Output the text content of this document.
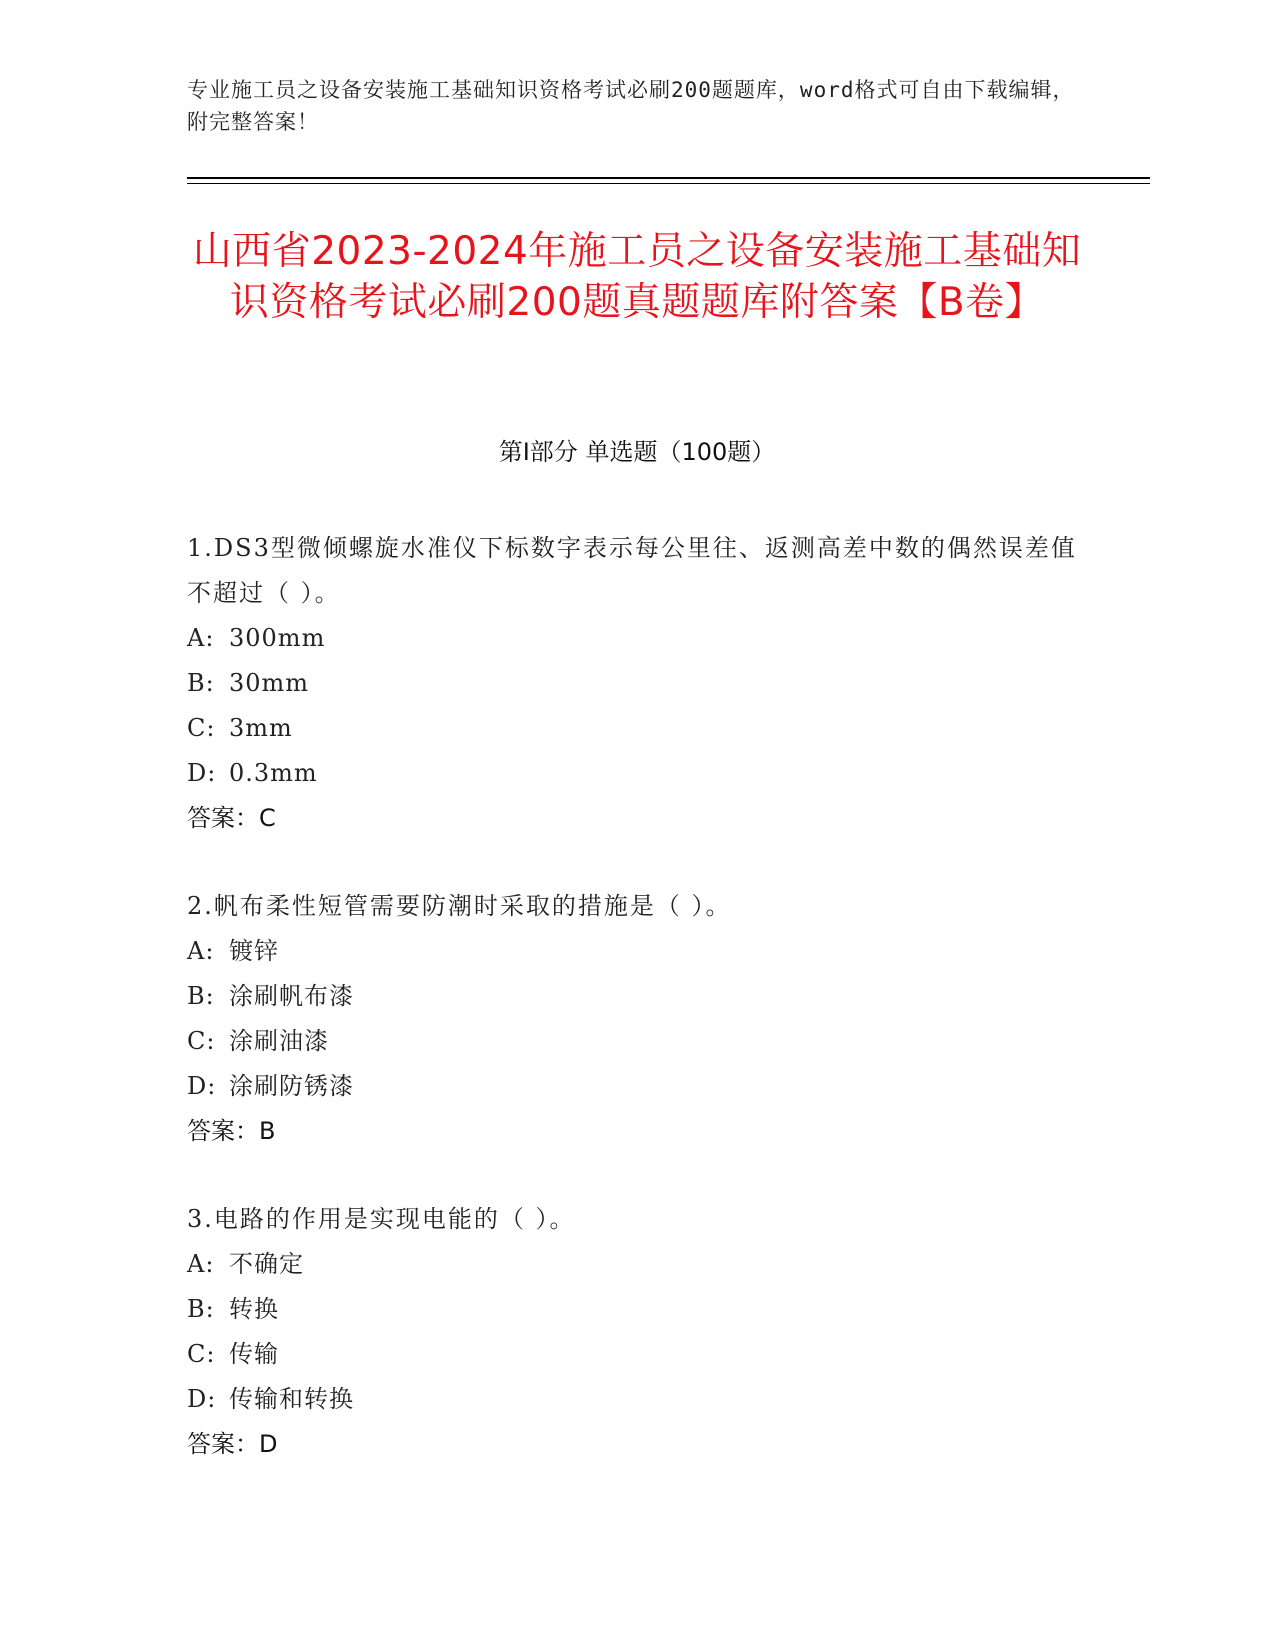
专业施工员之设备安装施工基础知识资格考试必刷200题题库，word格式可自由下载编辑，附完整答案！
山西省2023-2024年施工员之设备安装施工基础知识资格考试必刷200题真题题库附答案【B卷】
第Ⅰ部分 单选题（100题）
1.DS3型微倾螺旋水准仪下标数字表示每公里往、返测高差中数的偶然误差值不超过（ ）。
A: 300mm
B: 30mm
C: 3mm
D: 0.3mm
答案：C
2.帆布柔性短管需要防潮时采取的措施是（ ）。
A: 镀锌
B: 涂刷帆布漆
C: 涂刷油漆
D: 涂刷防锈漆
答案：B
3.电路的作用是实现电能的（ ）。
A: 不确定
B: 转换
C: 传输
D: 传输和转换
答案：D
